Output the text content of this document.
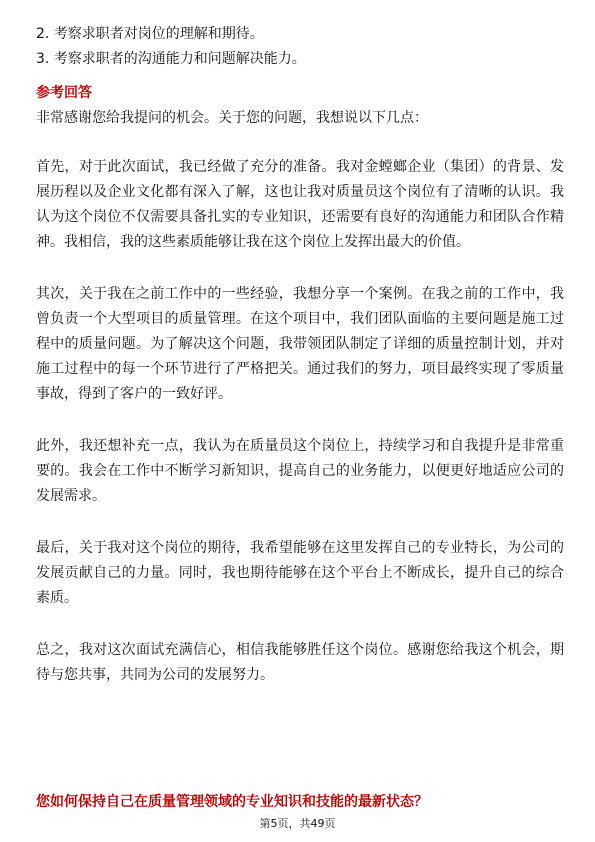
2. 考察求职者对岗位的理解和期待。
3. 考察求职者的沟通能力和问题解决能力。
参考回答
非常感谢您给我提问的机会。关于您的问题，我想说以下几点：

首先，对于此次面试，我已经做了充分的准备。我对金螳螂企业（集团）的背景、发展历程以及企业文化都有深入了解，这也让我对质量员这个岗位有了清晰的认识。我认为这个岗位不仅需要具备扎实的专业知识，还需要有良好的沟通能力和团队合作精神。我相信，我的这些素质能够让我在这个岗位上发挥出最大的价值。

其次，关于我在之前工作中的一些经验，我想分享一个案例。在我之前的工作中，我曾负责一个大型项目的质量管理。在这个项目中，我们团队面临的主要问题是施工过程中的质量问题。为了解决这个问题，我带领团队制定了详细的质量控制计划，并对施工过程中的每一个环节进行了严格把关。通过我们的努力，项目最终实现了零质量事故，得到了客户的一致好评。

此外，我还想补充一点，我认为在质量员这个岗位上，持续学习和自我提升是非常重要的。我会在工作中不断学习新知识，提高自己的业务能力，以便更好地适应公司的发展需求。

最后，关于我对这个岗位的期待，我希望能够在这里发挥自己的专业特长，为公司的发展贡献自己的力量。同时，我也期待能够在这个平台上不断成长，提升自己的综合素质。

总之，我对这次面试充满信心，相信我能够胜任这个岗位。感谢您给我这个机会，期待与您共事，共同为公司的发展努力。

您如何保持自己在质量管理领域的专业知识和技能的最新状态？
第5页，共49页
